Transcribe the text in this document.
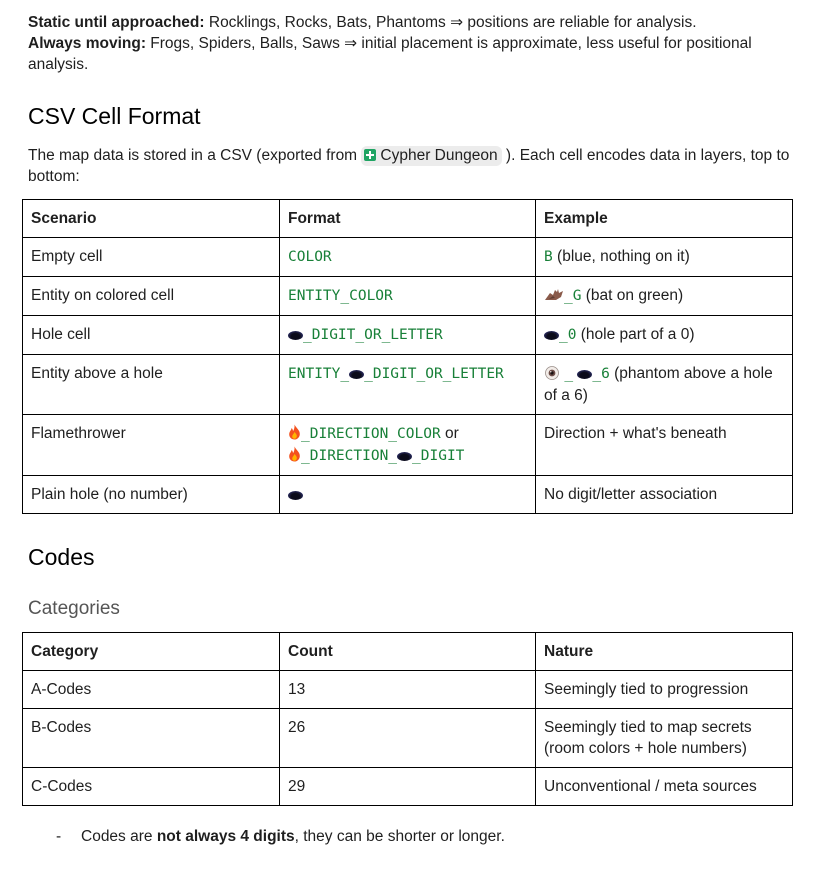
Static until approached: Rocklings, Rocks, Bats, Phantoms ⇒ positions are reliable for analysis.

Always moving: Frogs, Spiders, Balls, Saws ⇒ initial placement is approximate, less useful for positional analysis.

CSV Cell Format

The map data is stored in a CSV (exported from Cypher Dungeon ). Each cell encodes data in layers, top to bottom:

Scenario	Format	Example
Empty cell	COLOR	B (blue, nothing on it)
Entity on colored cell	ENTITY_COLOR	_G (bat on green)
Hole cell	_DIGIT_OR_LETTER	_0 (hole part of a 0)
Entity above a hole	ENTITY_ _DIGIT_OR_LETTER	_ _6 (phantom above a hole of a 6)
Flamethrower	_DIRECTION_COLOR or
_DIRECTION_ _DIGIT	Direction + what's beneath
Plain hole (no number)		No digit/letter association
Codes
Categories
Category	Count	Nature
A-Codes	13	Seemingly tied to progression
B-Codes	26	Seemingly tied to map secrets (room colors + hole numbers)
C-Codes	29	Unconventional / meta sources

- Codes are not always 4 digits, they can be shorter or longer.
